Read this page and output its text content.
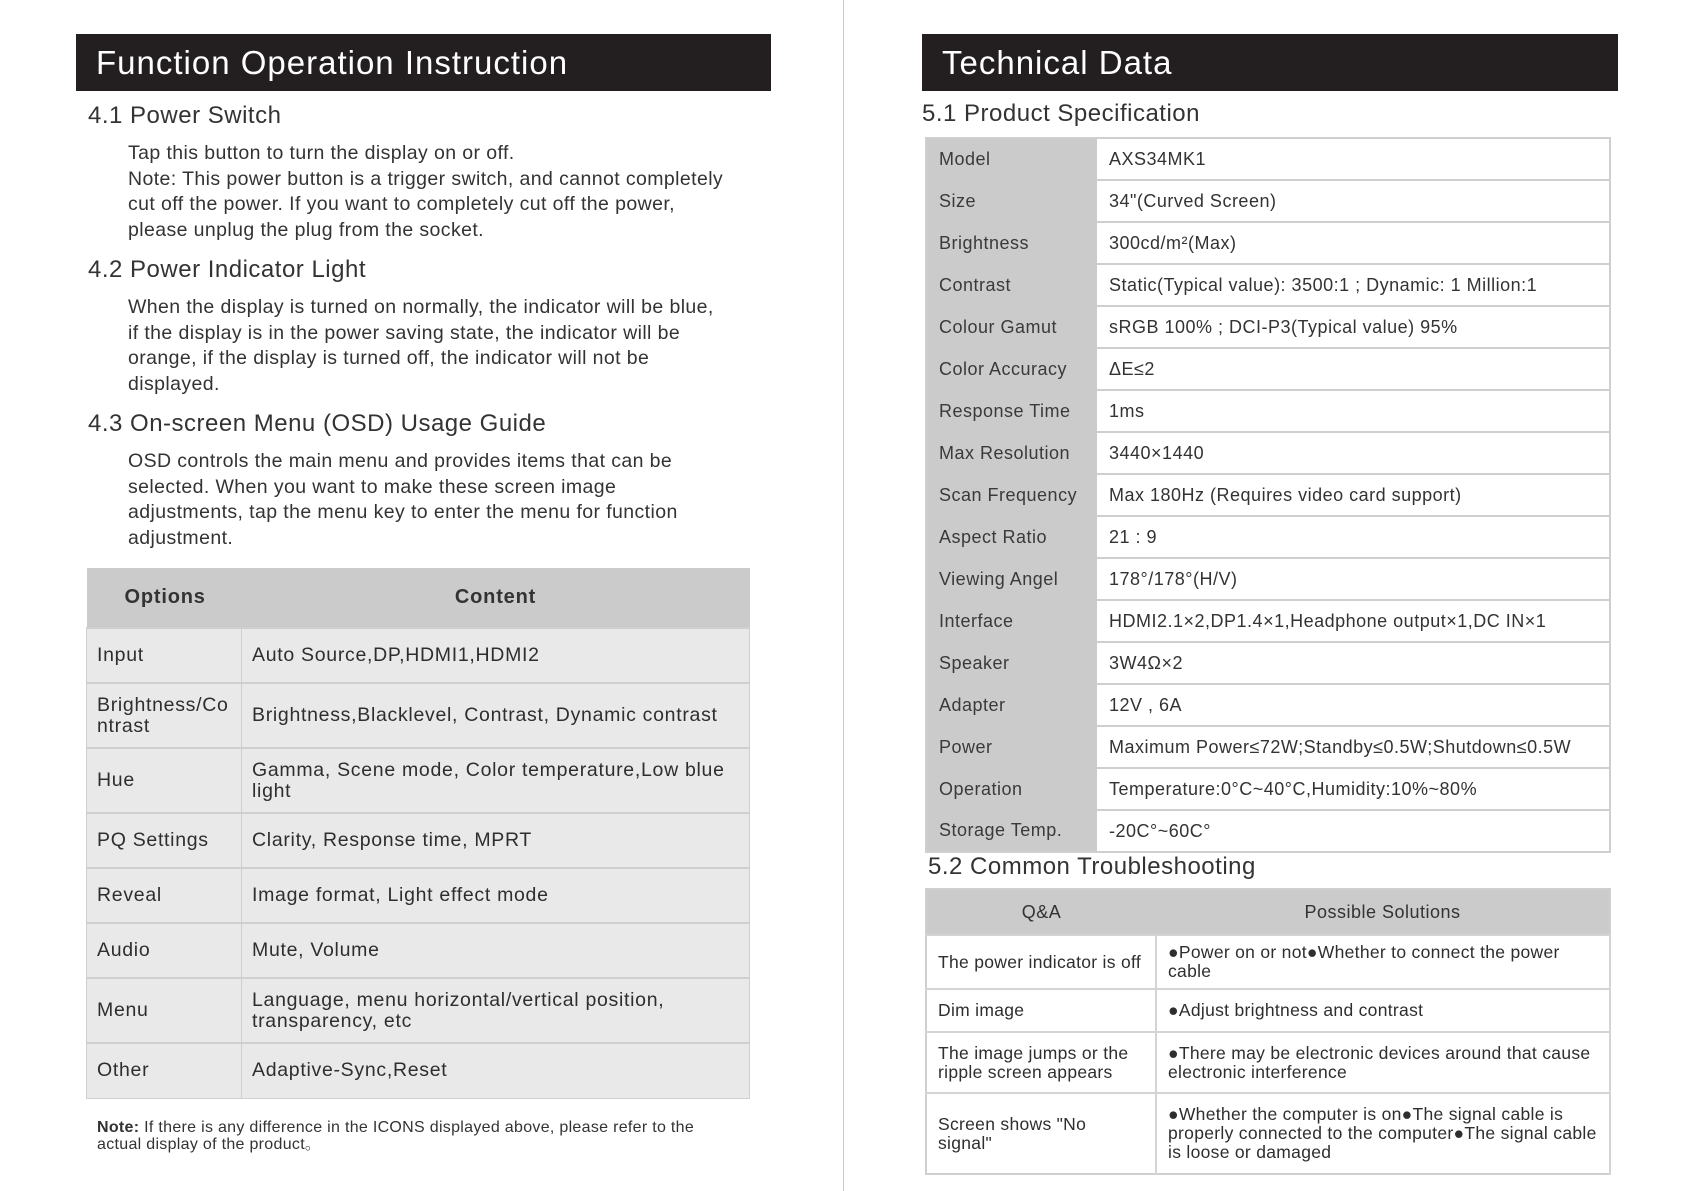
Function Operation Instruction
4.1 Power Switch

Tap this button to turn the display on or off.

Note: This power button is a trigger switch, and cannot completely

cut off the power. If you want to completely cut off the power,

please unplug the plug from the socket.

4.2 Power Indicator Light

When the display is turned on normally, the indicator will be blue,

if the display is in the power saving state, the indicator will be

orange, if the display is turned off, the indicator will not be

displayed.

4.3 On-screen Menu (OSD) Usage Guide

OSD controls the main menu and provides items that can be

selected. When you want to make these screen image

adjustments, tap the menu key to enter the menu for function

adjustment.

Options	Content
Input	Auto Source,DP,HDMI1,HDMI2
Brightness/Contrast	Brightness,Blacklevel, Contrast, Dynamic contrast
Hue	Gamma, Scene mode, Color temperature,Low blue light
PQ Settings	Clarity, Response time, MPRT
Reveal	Image format, Light effect mode
Audio	Mute, Volume
Menu	Language, menu horizontal/vertical position, transparency, etc
Other	Adaptive-Sync,Reset
Note: If there is any difference in the ICONS displayed above, please refer to the actual display of the product。
Technical Data
5.1 Product Specification
Model	AXS34MK1
Size	34"(Curved Screen)
Brightness	300cd/m²(Max)
Contrast	Static(Typical value): 3500:1 ; Dynamic: 1 Million:1
Colour Gamut	sRGB 100% ; DCI-P3(Typical value) 95%
Color Accuracy	ΔE≤2
Response Time	1ms
Max Resolution	3440×1440
Scan Frequency	Max 180Hz (Requires video card support)
Aspect Ratio	21 : 9
Viewing Angel	178°/178°(H/V)
Interface	HDMI2.1×2,DP1.4×1,Headphone output×1,DC IN×1
Speaker	3W4Ω×2
Adapter	12V , 6A
Power	Maximum Power≤72W;Standby≤0.5W;Shutdown≤0.5W
Operation	Temperature:0°C~40°C,Humidity:10%~80%
Storage Temp.	-20C°~60C°
5.2 Common Troubleshooting
Q&A	Possible Solutions
The power indicator is off	●Power on or not●Whether to connect the power cable
Dim image	●Adjust brightness and contrast
The image jumps or the ripple screen appears	●There may be electronic devices around that cause electronic interference
Screen shows "No signal"	●Whether the computer is on●The signal cable is properly connected to the computer●The signal cable is loose or damaged
